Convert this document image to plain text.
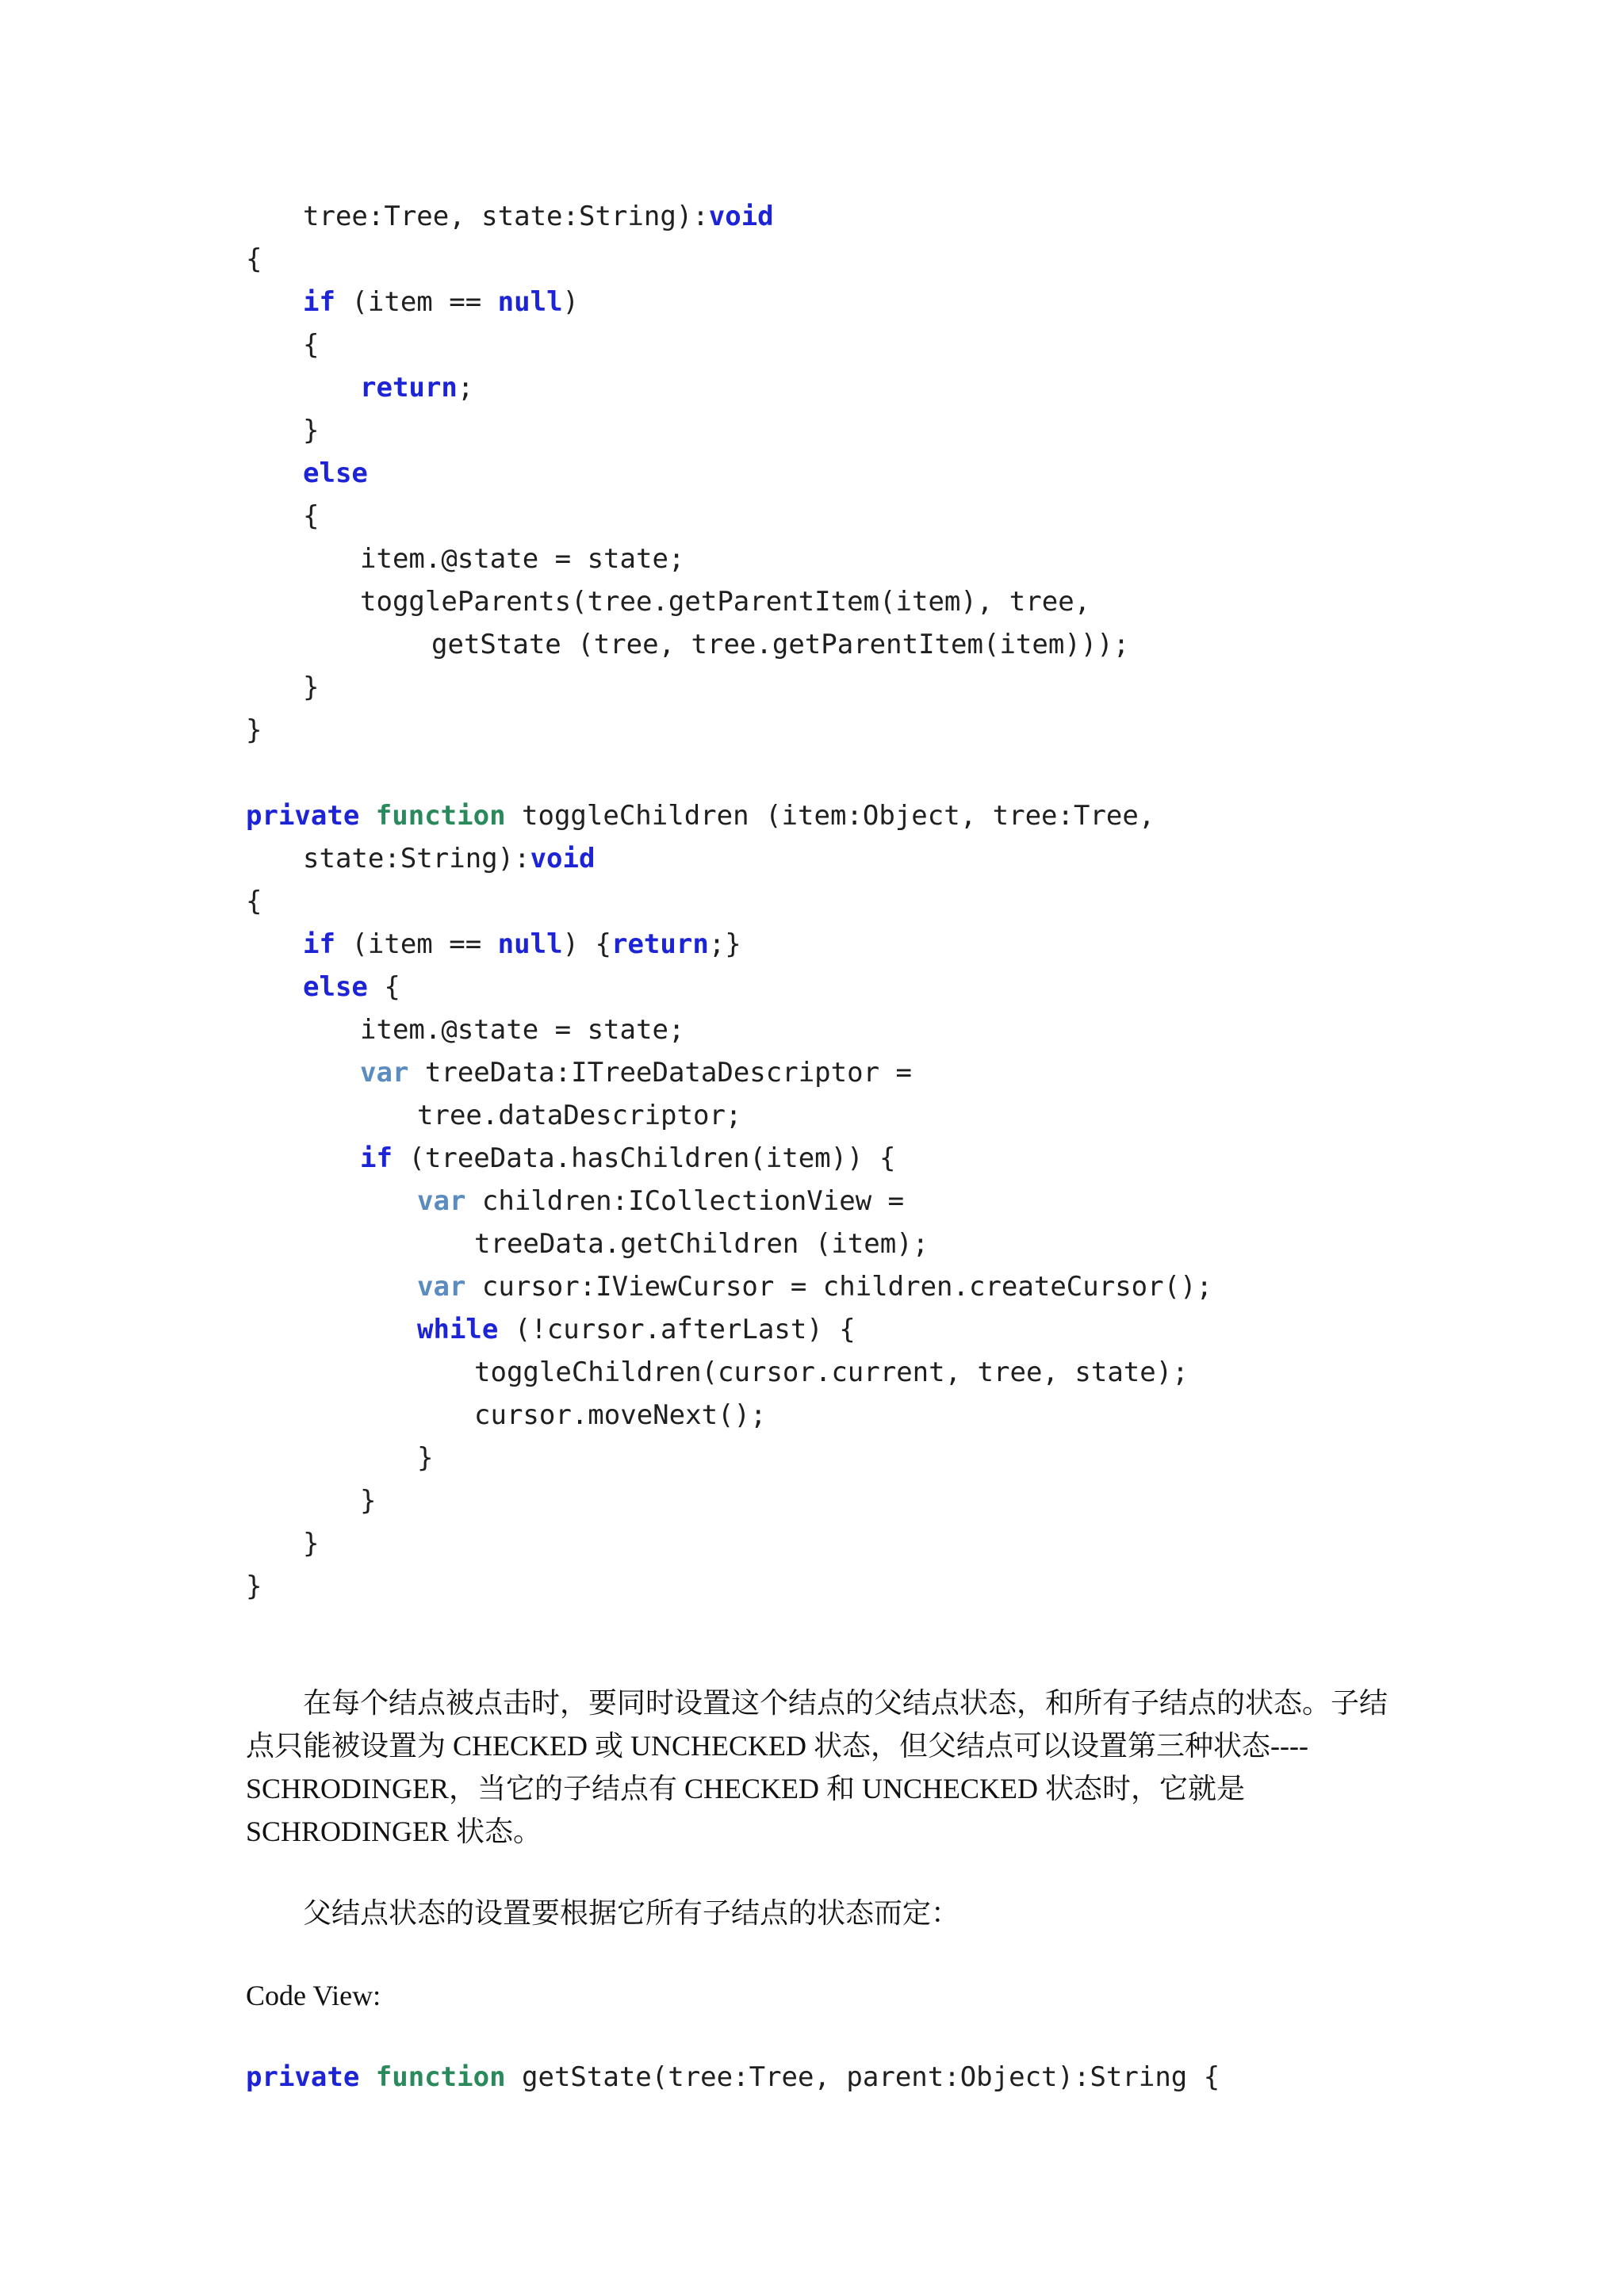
tree:Tree, state:String):void
{
if (item == null)
{
return;
}
else
{
item.@state = state;
toggleParents(tree.getParentItem(item), tree,
getState (tree, tree.getParentItem(item)));
}
}
private function toggleChildren (item:Object, tree:Tree,
state:String):void
{
if (item == null) {return;}
else {
item.@state = state;
var treeData:ITreeDataDescriptor =
tree.dataDescriptor;
if (treeData.hasChildren(item)) {
var children:ICollectionView =
treeData.getChildren (item);
var cursor:IViewCursor = children.createCursor();
while (!cursor.afterLast) {
toggleChildren(cursor.current, tree, state);
cursor.moveNext();
}
}
}
}
在每个结点被点击时，要同时设置这个结点的父结点状态，和所有子结点的状态。子结
点只能被设置为 CHECKED 或 UNCHECKED 状态，但父结点可以设置第三种状态----
SCHRODINGER，当它的子结点有 CHECKED 和 UNCHECKED 状态时，它就是
SCHRODINGER 状态。
父结点状态的设置要根据它所有子结点的状态而定：
Code View:
private function getState(tree:Tree, parent:Object):String {
